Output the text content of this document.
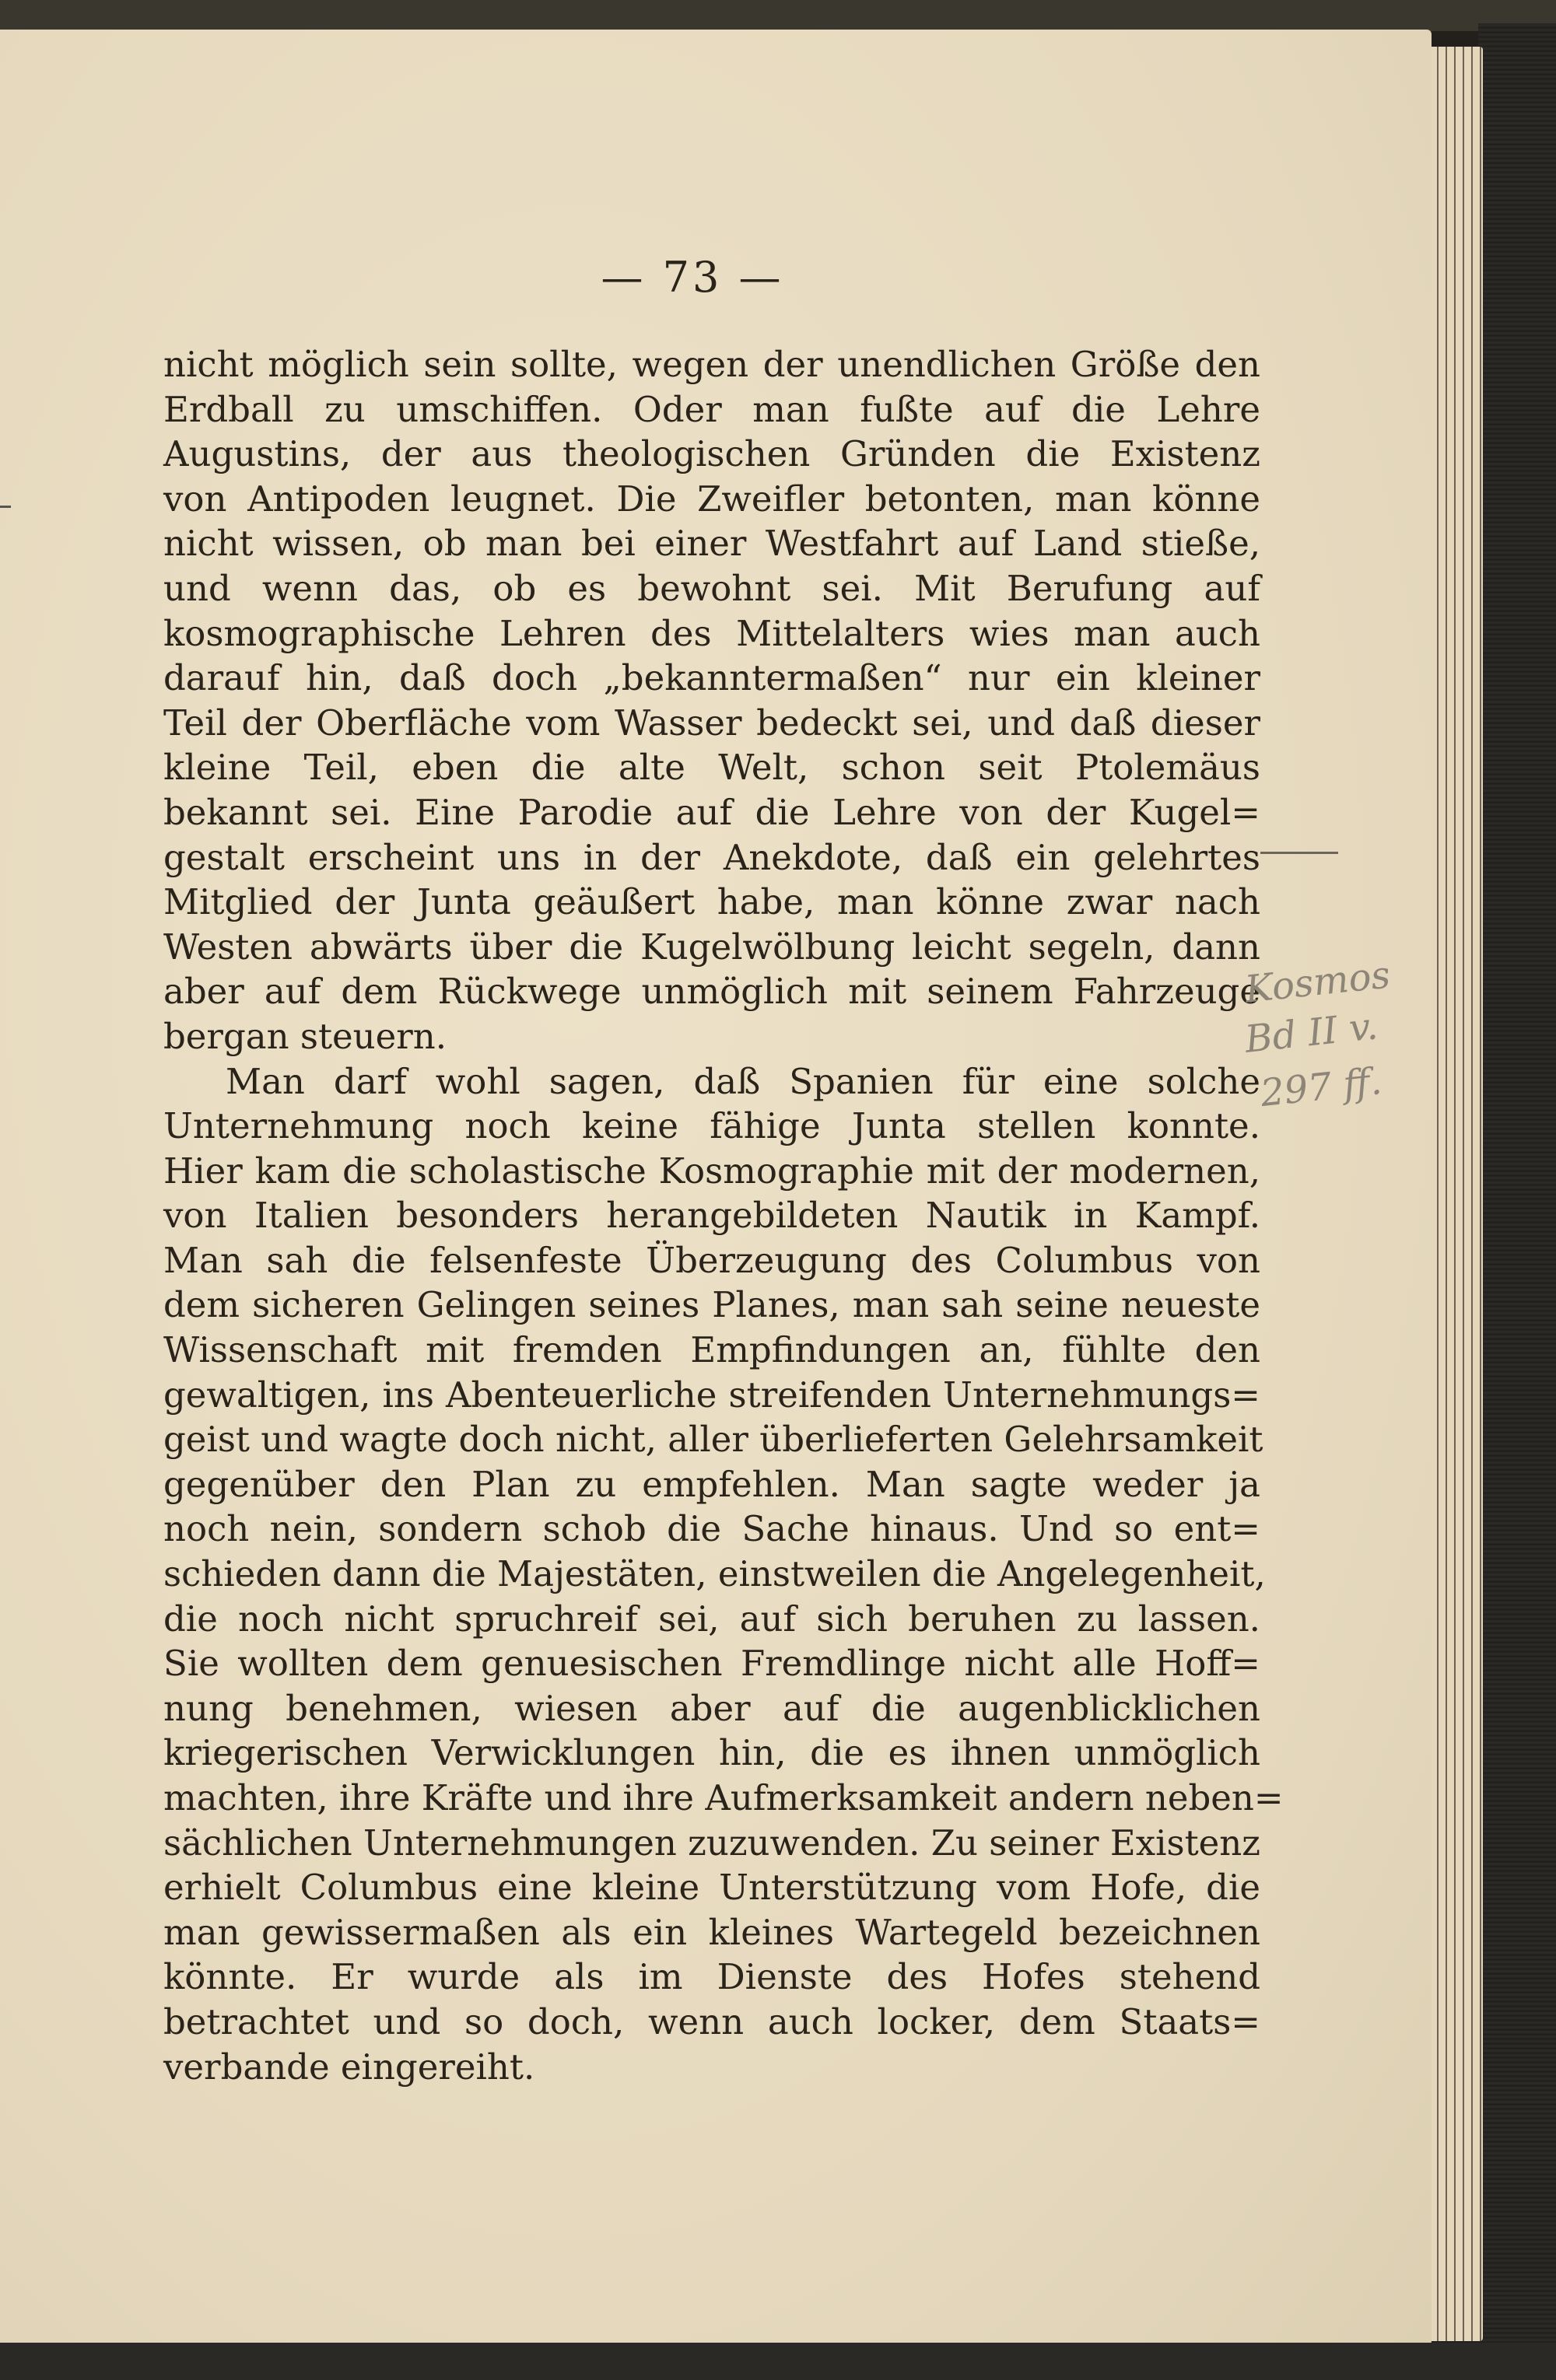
— 73 —

nicht möglich sein sollte, wegen der unendlichen Größe den
Erdball zu umschiffen. Oder man fußte auf die Lehre
Augustins, der aus theologischen Gründen die Existenz
von Antipoden leugnet. Die Zweifler betonten, man könne
nicht wissen, ob man bei einer Westfahrt auf Land stieße,
und wenn das, ob es bewohnt sei. Mit Berufung auf
kosmographische Lehren des Mittelalters wies man auch
darauf hin, daß doch „bekanntermaßen“ nur ein kleiner
Teil der Oberfläche vom Wasser bedeckt sei, und daß dieser
kleine Teil, eben die alte Welt, schon seit Ptolemäus
bekannt sei. Eine Parodie auf die Lehre von der Kugel=
gestalt erscheint uns in der Anekdote, daß ein gelehrtes
Mitglied der Junta geäußert habe, man könne zwar nach
Westen abwärts über die Kugelwölbung leicht segeln, dann
aber auf dem Rückwege unmöglich mit seinem Fahrzeuge
bergan steuern.
Man darf wohl sagen, daß Spanien für eine solche
Unternehmung noch keine fähige Junta stellen konnte.
Hier kam die scholastische Kosmographie mit der modernen,
von Italien besonders herangebildeten Nautik in Kampf.
Man sah die felsenfeste Überzeugung des Columbus von
dem sicheren Gelingen seines Planes, man sah seine neueste
Wissenschaft mit fremden Empfindungen an, fühlte den
gewaltigen, ins Abenteuerliche streifenden Unternehmungs=
geist und wagte doch nicht, aller überlieferten Gelehrsamkeit
gegenüber den Plan zu empfehlen. Man sagte weder ja
noch nein, sondern schob die Sache hinaus. Und so ent=
schieden dann die Majestäten, einstweilen die Angelegenheit,
die noch nicht spruchreif sei, auf sich beruhen zu lassen.
Sie wollten dem genuesischen Fremdlinge nicht alle Hoff=
nung benehmen, wiesen aber auf die augenblicklichen
kriegerischen Verwicklungen hin, die es ihnen unmöglich
machten, ihre Kräfte und ihre Aufmerksamkeit andern neben=
sächlichen Unternehmungen zuzuwenden. Zu seiner Existenz
erhielt Columbus eine kleine Unterstützung vom Hofe, die
man gewissermaßen als ein kleines Wartegeld bezeichnen
könnte. Er wurde als im Dienste des Hofes stehend
betrachtet und so doch, wenn auch locker, dem Staats=
verbande eingereiht.

Kosmos

Bd II v.

297 ff.
